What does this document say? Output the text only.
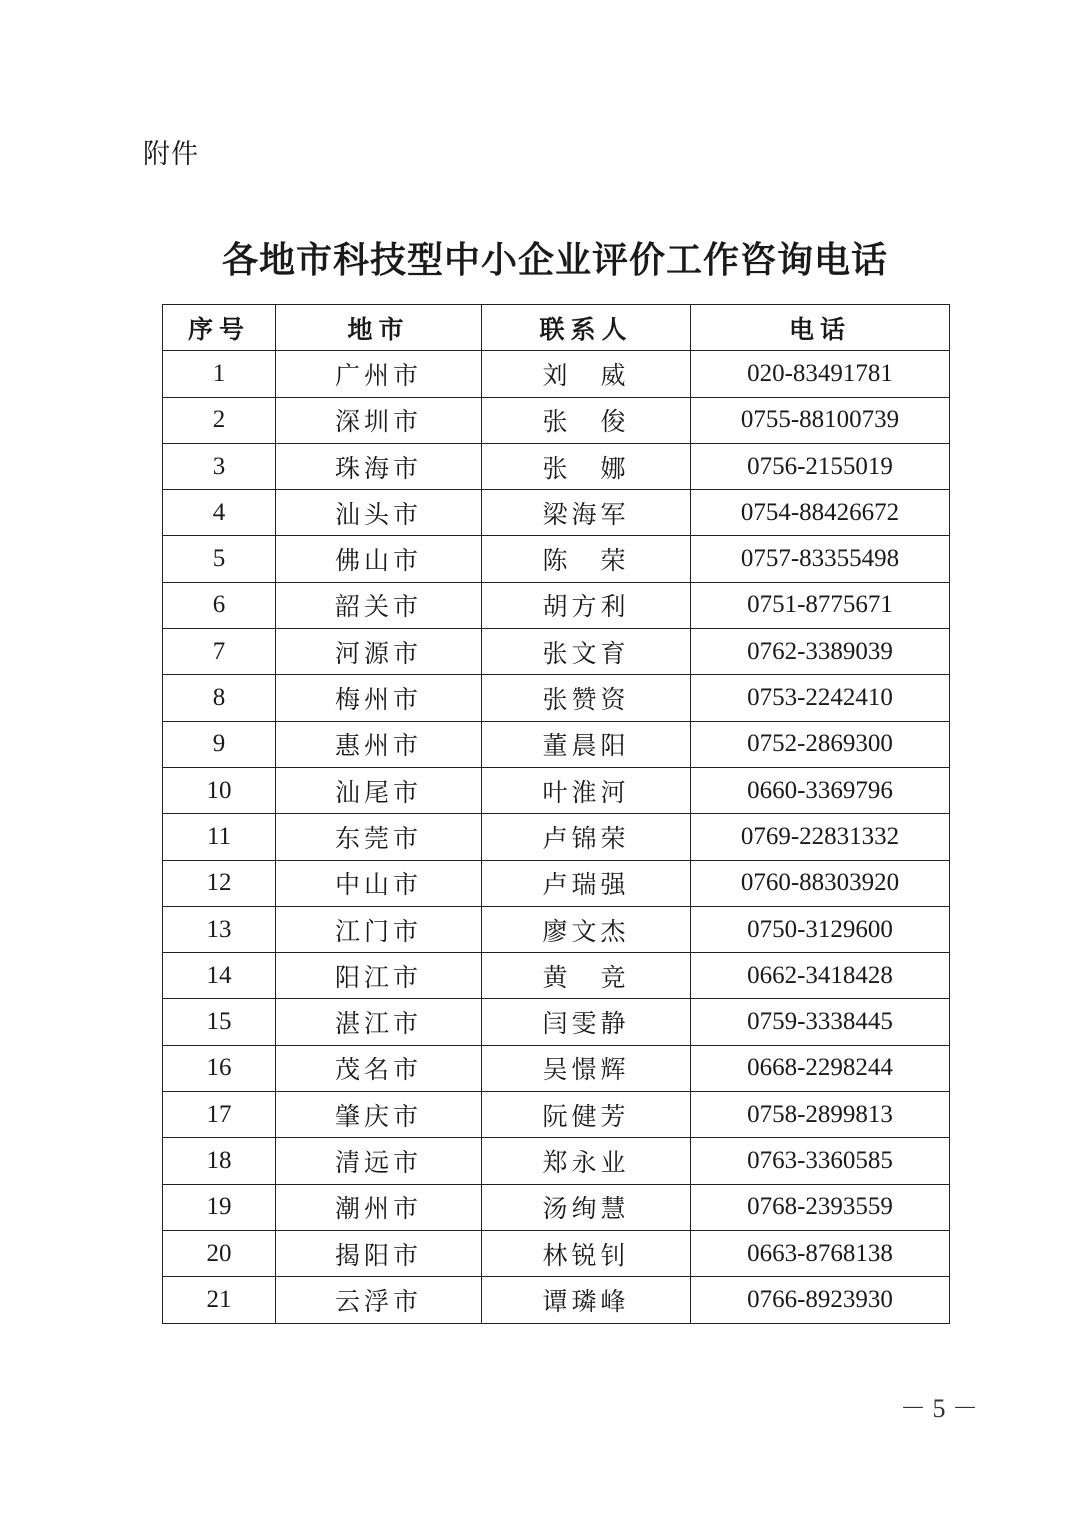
附件
各地市科技型中小企业评价工作咨询电话
序号	地市	联系人	电话
1	广州市	刘　威	020-83491781
2	深圳市	张　俊	0755-88100739
3	珠海市	张　娜	0756-2155019
4	汕头市	梁海军	0754-88426672
5	佛山市	陈　荣	0757-83355498
6	韶关市	胡方利	0751-8775671
7	河源市	张文育	0762-3389039
8	梅州市	张赞资	0753-2242410
9	惠州市	董晨阳	0752-2869300
10	汕尾市	叶淮河	0660-3369796
11	东莞市	卢锦荣	0769-22831332
12	中山市	卢瑞强	0760-88303920
13	江门市	廖文杰	0750-3129600
14	阳江市	黄　竞	0662-3418428
15	湛江市	闫雯静	0759-3338445
16	茂名市	吴憬辉	0668-2298244
17	肇庆市	阮健芳	0758-2899813
18	清远市	郑永业	0763-3360585
19	潮州市	汤绚慧	0768-2393559
20	揭阳市	林锐钊	0663-8768138
21	云浮市	谭璘峰	0766-8923930
－ 5 －
